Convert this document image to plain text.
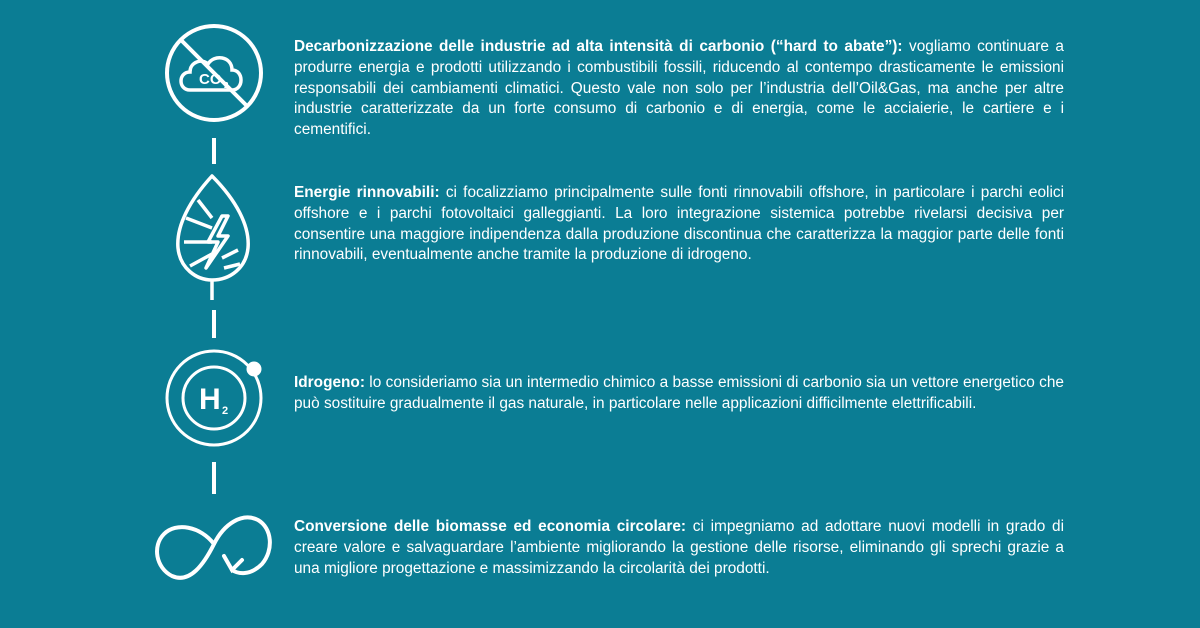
CO 2
H 2
Decarbonizzazione delle industrie ad alta intensità di carbonio (“hard to abate”): vogliamo continuare a produrre energia e prodotti utilizzando i combustibili fossili, riducendo al contempo drasticamente le emissioni responsabili dei cambiamenti climatici. Questo vale non solo per l’industria dell’Oil&Gas, ma anche per altre industrie caratterizzate da un forte consumo di carbonio e di energia, come le acciaierie, le cartiere e i cementifici.
Energie rinnovabili: ci focalizziamo principalmente sulle fonti rinnovabili offshore, in particolare i parchi eolici offshore e i parchi fotovoltaici galleggianti. La loro integrazione sistemica potrebbe rivelarsi decisiva per consentire una maggiore indipendenza dalla produzione discontinua che caratterizza la maggior parte delle fonti rinnovabili, eventualmente anche tramite la produzione di idrogeno.
Idrogeno: lo consideriamo sia un intermedio chimico a basse emissioni di carbonio sia un vettore energetico che può sostituire gradualmente il gas naturale, in particolare nelle applicazioni difficilmente elettrificabili.
Conversione delle biomasse ed economia circolare: ci impegniamo ad adottare nuovi modelli in grado di creare valore e salvaguardare l’ambiente migliorando la gestione delle risorse, eliminando gli sprechi grazie a una migliore progettazione e massimizzando la circolarità dei prodotti.
